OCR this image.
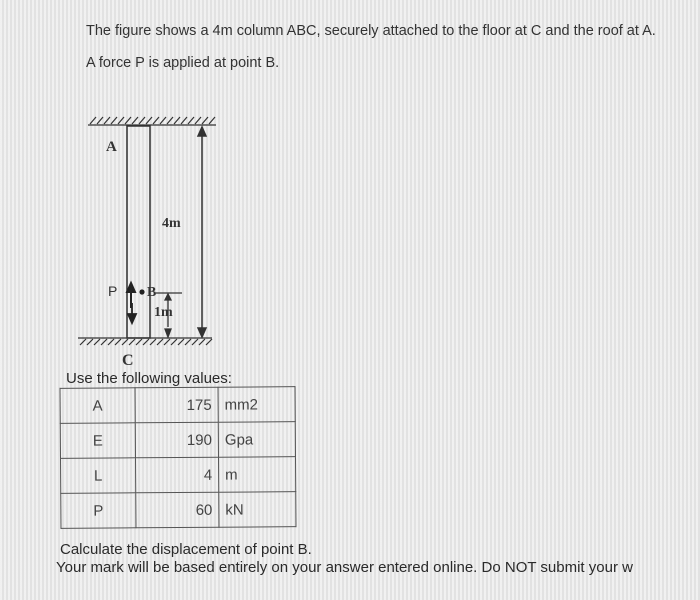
The figure shows a 4m column ABC, securely attached to the floor at C and the roof at A.
A force P is applied at point B.
A
4m
P B
1m
C
Use the following values:
A	175	mm2
E	190	Gpa
L	4	m
P	60	kN
Calculate the displacement of point B.
Your mark will be based entirely on your answer entered online. Do NOT submit your w
